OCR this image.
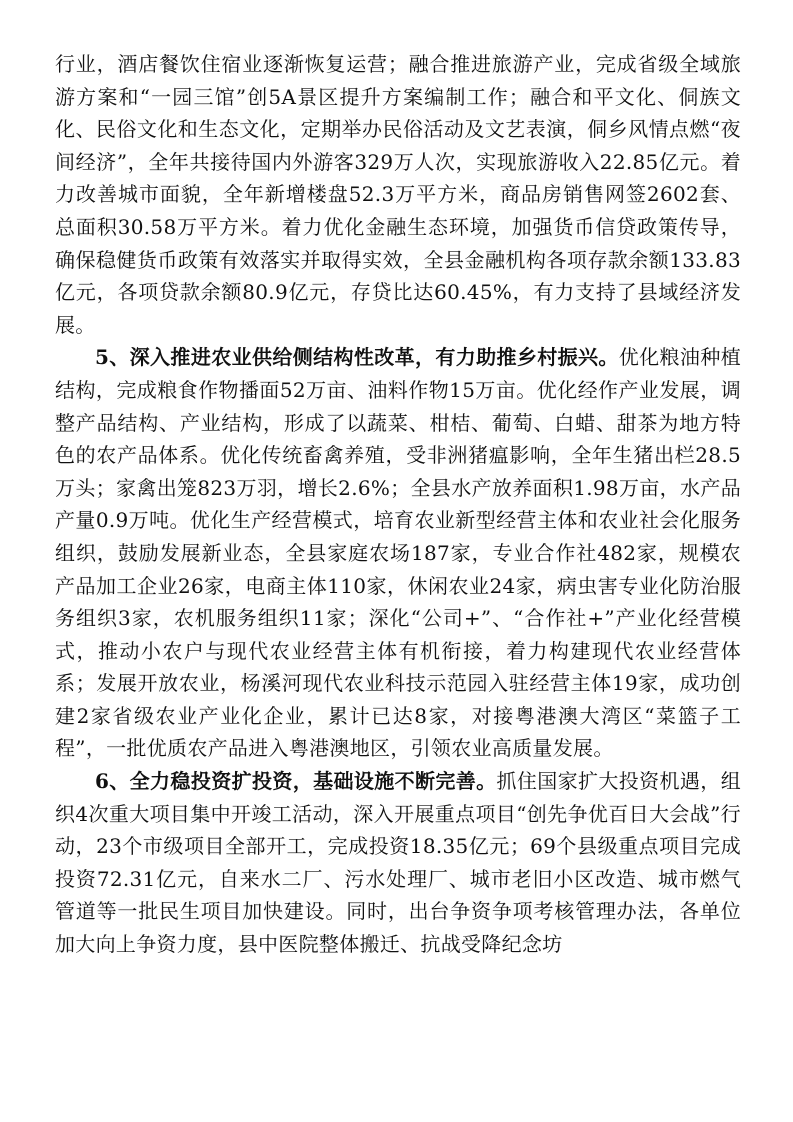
行业，酒店餐饮住宿业逐渐恢复运营；融合推进旅游产业，完成省级全域旅游方案和“一园三馆”创5A景区提升方案编制工作；融合和平文化、侗族文化、民俗文化和生态文化，定期举办民俗活动及文艺表演，侗乡风情点燃“夜间经济”，全年共接待国内外游客329万人次，实现旅游收入22.85亿元。着力改善城市面貌，全年新增楼盘52.3万平方米，商品房销售网签2602套、总面积30.58万平方米。着力优化金融生态环境，加强货币信贷政策传导，确保稳健货币政策有效落实并取得实效，全县金融机构各项存款余额133.83亿元，各项贷款余额80.9亿元，存贷比达60.45%，有力支持了县域经济发展。

5、深入推进农业供给侧结构性改革，有力助推乡村振兴。优化粮油种植结构，完成粮食作物播面52万亩、油料作物15万亩。优化经作产业发展，调整产品结构、产业结构，形成了以蔬菜、柑桔、葡萄、白蜡、甜茶为地方特色的农产品体系。优化传统畜禽养殖，受非洲猪瘟影响，全年生猪出栏28.5万头；家禽出笼823万羽，增长2.6%；全县水产放养面积1.98万亩，水产品产量0.9万吨。优化生产经营模式，培育农业新型经营主体和农业社会化服务组织，鼓励发展新业态，全县家庭农场187家，专业合作社482家，规模农产品加工企业26家，电商主体110家，休闲农业24家，病虫害专业化防治服务组织3家，农机服务组织11家；深化“公司+”、“合作社+”产业化经营模式，推动小农户与现代农业经营主体有机衔接，着力构建现代农业经营体系；发展开放农业，杨溪河现代农业科技示范园入驻经营主体19家，成功创建2家省级农业产业化企业，累计已达8家，对接粤港澳大湾区“菜篮子工程”，一批优质农产品进入粤港澳地区，引领农业高质量发展。

6、全力稳投资扩投资，基础设施不断完善。抓住国家扩大投资机遇，组织4次重大项目集中开竣工活动，深入开展重点项目“创先争优百日大会战”行动，23个市级项目全部开工，完成投资18.35亿元；69个县级重点项目完成投资72.31亿元，自来水二厂、污水处理厂、城市老旧小区改造、城市燃气管道等一批民生项目加快建设。同时，出台争资争项考核管理办法，各单位加大向上争资力度，县中医院整体搬迁、抗战受降纪念坊
